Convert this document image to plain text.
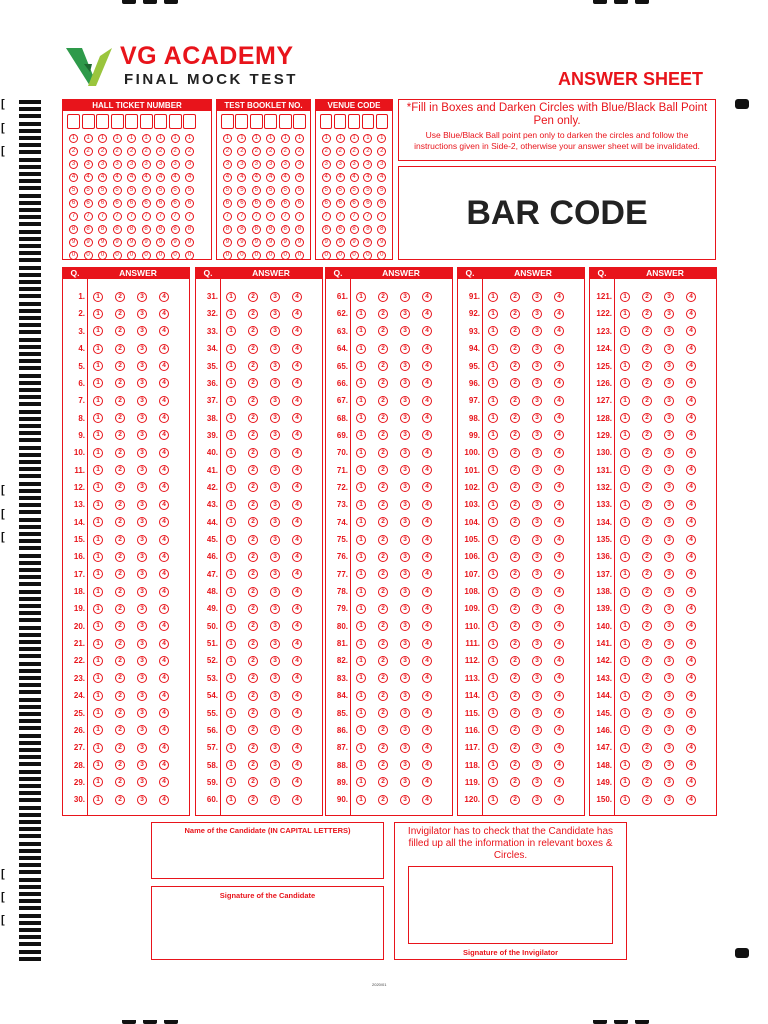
[
[
[
[
[
[
[
[
[
VG ACADEMY
FINAL MOCK TEST	ANSWER SHEET
HALL TICKET NUMBER
1	1	1	1	1	1	1	1	1
2	2	2	2	2	2	2	2	2
3	3	3	3	3	3	3	3	3
4	4	4	4	4	4	4	4	4
5	5	5	5	5	5	5	5	5
6	6	6	6	6	6	6	6	6
7	7	7	7	7	7	7	7	7
8	8	8	8	8	8	8	8	8
9	9	9	9	9	9	9	9	9
0	0	0	0	0	0	0	0	0
TEST BOOKLET NO.
1	1	1	1	1	1
2	2	2	2	2	2
3	3	3	3	3	3
4	4	4	4	4	4
5	5	5	5	5	5
6	6	6	6	6	6
7	7	7	7	7	7
8	8	8	8	8	8
9	9	9	9	9	9
0	0	0	0	0	0
VENUE CODE
1	1	1	1	1
2	2	2	2	2
3	3	3	3	3
4	4	4	4	4
5	5	5	5	5
6	6	6	6	6
7	7	7	7	7
8	8	8	8	8
9	9	9	9	9
0	0	0	0	0
*Fill in Boxes and Darken Circles with Blue/Black Ball Point Pen only.
Use Blue/Black Ball point pen only to darken the circles and follow the instructions given in Side-2, otherwise your answer sheet will be invalidated.
BAR CODE
Q.	ANSWER
1.	1	2	3	4
2.	1	2	3	4
3.	1	2	3	4
4.	1	2	3	4
5.	1	2	3	4
6.	1	2	3	4
7.	1	2	3	4
8.	1	2	3	4
9.	1	2	3	4
10.	1	2	3	4
11.	1	2	3	4
12.	1	2	3	4
13.	1	2	3	4
14.	1	2	3	4
15.	1	2	3	4
16.	1	2	3	4
17.	1	2	3	4
18.	1	2	3	4
19.	1	2	3	4
20.	1	2	3	4
21.	1	2	3	4
22.	1	2	3	4
23.	1	2	3	4
24.	1	2	3	4
25.	1	2	3	4
26.	1	2	3	4
27.	1	2	3	4
28.	1	2	3	4
29.	1	2	3	4
30.	1	2	3	4
Q.	ANSWER
31.	1	2	3	4
32.	1	2	3	4
33.	1	2	3	4
34.	1	2	3	4
35.	1	2	3	4
36.	1	2	3	4
37.	1	2	3	4
38.	1	2	3	4
39.	1	2	3	4
40.	1	2	3	4
41.	1	2	3	4
42.	1	2	3	4
43.	1	2	3	4
44.	1	2	3	4
45.	1	2	3	4
46.	1	2	3	4
47.	1	2	3	4
48.	1	2	3	4
49.	1	2	3	4
50.	1	2	3	4
51.	1	2	3	4
52.	1	2	3	4
53.	1	2	3	4
54.	1	2	3	4
55.	1	2	3	4
56.	1	2	3	4
57.	1	2	3	4
58.	1	2	3	4
59.	1	2	3	4
60.	1	2	3	4
Q.	ANSWER
61.	1	2	3	4
62.	1	2	3	4
63.	1	2	3	4
64.	1	2	3	4
65.	1	2	3	4
66.	1	2	3	4
67.	1	2	3	4
68.	1	2	3	4
69.	1	2	3	4
70.	1	2	3	4
71.	1	2	3	4
72.	1	2	3	4
73.	1	2	3	4
74.	1	2	3	4
75.	1	2	3	4
76.	1	2	3	4
77.	1	2	3	4
78.	1	2	3	4
79.	1	2	3	4
80.	1	2	3	4
81.	1	2	3	4
82.	1	2	3	4
83.	1	2	3	4
84.	1	2	3	4
85.	1	2	3	4
86.	1	2	3	4
87.	1	2	3	4
88.	1	2	3	4
89.	1	2	3	4
90.	1	2	3	4
Q.	ANSWER
91.	1	2	3	4
92.	1	2	3	4
93.	1	2	3	4
94.	1	2	3	4
95.	1	2	3	4
96.	1	2	3	4
97.	1	2	3	4
98.	1	2	3	4
99.	1	2	3	4
100.	1	2	3	4
101.	1	2	3	4
102.	1	2	3	4
103.	1	2	3	4
104.	1	2	3	4
105.	1	2	3	4
106.	1	2	3	4
107.	1	2	3	4
108.	1	2	3	4
109.	1	2	3	4
110.	1	2	3	4
111.	1	2	3	4
112.	1	2	3	4
113.	1	2	3	4
114.	1	2	3	4
115.	1	2	3	4
116.	1	2	3	4
117.	1	2	3	4
118.	1	2	3	4
119.	1	2	3	4
120.	1	2	3	4
Q.	ANSWER
121.	1	2	3	4
122.	1	2	3	4
123.	1	2	3	4
124.	1	2	3	4
125.	1	2	3	4
126.	1	2	3	4
127.	1	2	3	4
128.	1	2	3	4
129.	1	2	3	4
130.	1	2	3	4
131.	1	2	3	4
132.	1	2	3	4
133.	1	2	3	4
134.	1	2	3	4
135.	1	2	3	4
136.	1	2	3	4
137.	1	2	3	4
138.	1	2	3	4
139.	1	2	3	4
140.	1	2	3	4
141.	1	2	3	4
142.	1	2	3	4
143.	1	2	3	4
144.	1	2	3	4
145.	1	2	3	4
146.	1	2	3	4
147.	1	2	3	4
148.	1	2	3	4
149.	1	2	3	4
150.	1	2	3	4
Name of the Candidate (IN CAPITAL LETTERS)
Signature of the Candidate
Invigilator has to check that the Candidate has filled up all the information in relevant boxes & Circles.
Signature of the Invigilator
2020/01
